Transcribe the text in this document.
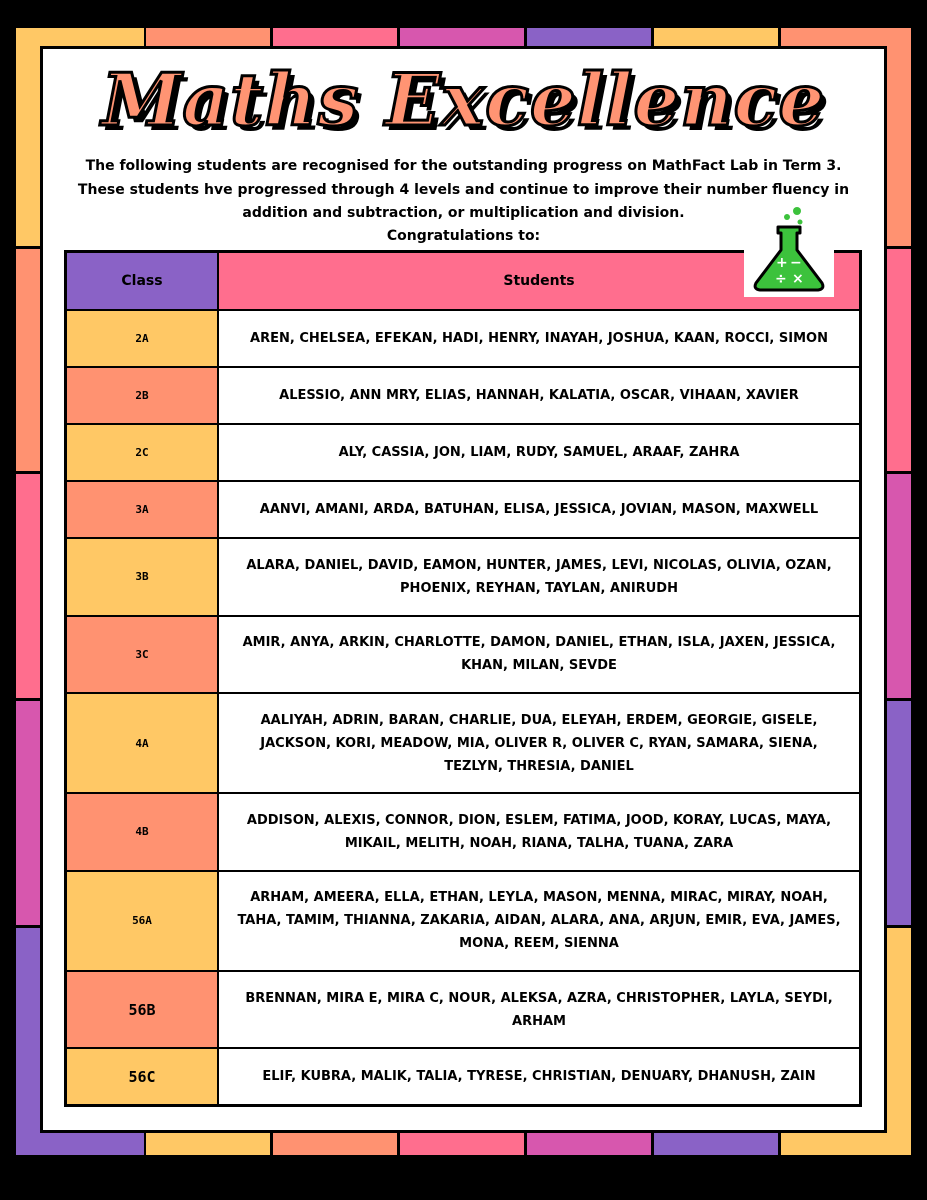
Maths Excellence

The following students are recognised for the outstanding progress on MathFact Lab in Term 3. These students hve progressed through 4 levels and continue to improve their number fluency in addition and subtraction, or multiplication and division.

Congratulations to:
Class	Students
2A	AREN, CHELSEA, EFEKAN, HADI, HENRY, INAYAH, JOSHUA, KAAN, ROCCI, SIMON
2B	ALESSIO, ANN MRY, ELIAS, HANNAH, KALATIA, OSCAR, VIHAAN, XAVIER
2C	ALY, CASSIA, JON, LIAM, RUDY, SAMUEL, ARAAF, ZAHRA
3A	AANVI, AMANI, ARDA, BATUHAN, ELISA, JESSICA, JOVIAN, MASON, MAXWELL
3B	ALARA, DANIEL, DAVID, EAMON, HUNTER, JAMES, LEVI, NICOLAS, OLIVIA, OZAN, PHOENIX, REYHAN, TAYLAN, ANIRUDH
3C	AMIR, ANYA, ARKIN, CHARLOTTE, DAMON, DANIEL, ETHAN, ISLA, JAXEN, JESSICA, KHAN, MILAN, SEVDE
4A	AALIYAH, ADRIN, BARAN, CHARLIE, DUA, ELEYAH, ERDEM, GEORGIE, GISELE, JACKSON, KORI, MEADOW, MIA, OLIVER R, OLIVER C, RYAN, SAMARA, SIENA, TEZLYN, THRESIA, DANIEL
4B	ADDISON, ALEXIS, CONNOR, DION, ESLEM, FATIMA, JOOD, KORAY, LUCAS, MAYA, MIKAIL, MELITH, NOAH, RIANA, TALHA, TUANA, ZARA
56A	ARHAM, AMEERA, ELLA, ETHAN, LEYLA, MASON, MENNA, MIRAC, MIRAY, NOAH, TAHA, TAMIM, THIANNA, ZAKARIA, AIDAN, ALARA, ANA, ARJUN, EMIR, EVA, JAMES, MONA, REEM, SIENNA
56B	BRENNAN, MIRA E, MIRA C, NOUR, ALEKSA, AZRA, CHRISTOPHER, LAYLA, SEYDI, ARHAM
56C	ELIF, KUBRA, MALIK, TALIA, TYRESE, CHRISTIAN, DENUARY, DHANUSH, ZAIN
+ −
÷ ×
